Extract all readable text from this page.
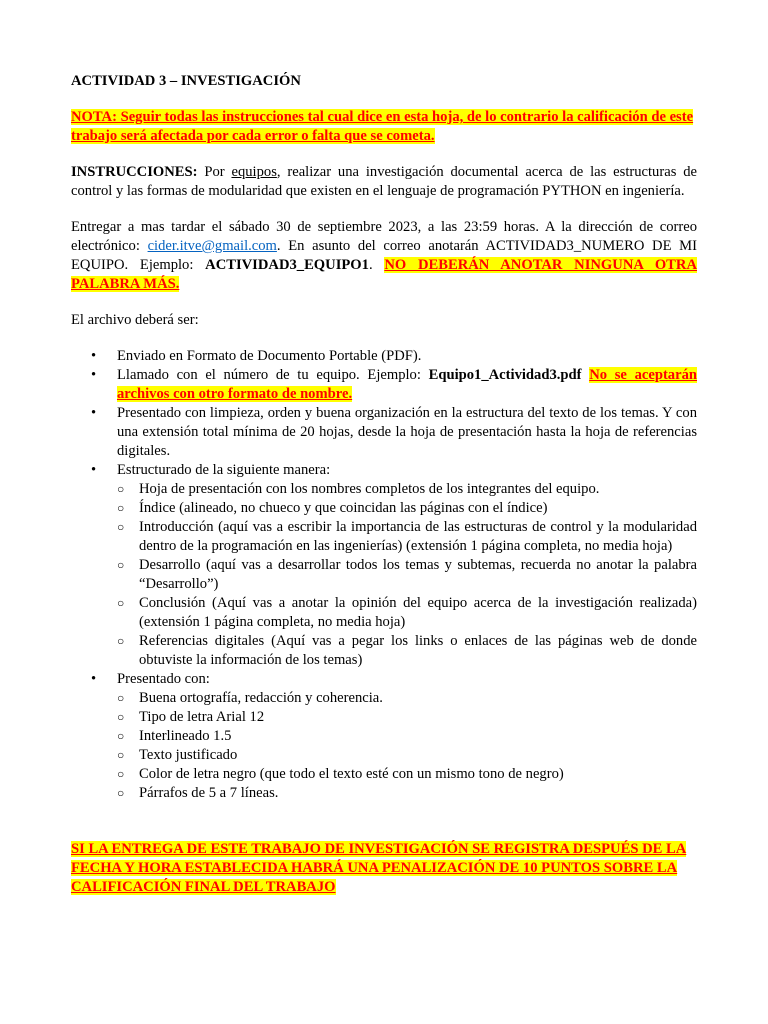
ACTIVIDAD 3 – INVESTIGACIÓN

NOTA: Seguir todas las instrucciones tal cual dice en esta hoja, de lo contrario la calificación de este trabajo será afectada por cada error o falta que se cometa.

INSTRUCCIONES: Por equipos, realizar una investigación documental acerca de las estructuras de control y las formas de modularidad que existen en el lenguaje de programación PYTHON en ingeniería.

Entregar a mas tardar el sábado 30 de septiembre 2023, a las 23:59 horas. A la dirección de correo electrónico: cider.itve@gmail.com. En asunto del correo anotarán ACTIVIDAD3_NUMERO DE MI EQUIPO. Ejemplo: ACTIVIDAD3_EQUIPO1. NO DEBERÁN ANOTAR NINGUNA OTRA PALABRA MÁS.

El archivo deberá ser:

• Enviado en Formato de Documento Portable (PDF).
• Llamado con el número de tu equipo. Ejemplo: Equipo1_Actividad3.pdf No se aceptarán archivos con otro formato de nombre.
• Presentado con limpieza, orden y buena organización en la estructura del texto de los temas. Y con una extensión total mínima de 20 hojas, desde la hoja de presentación hasta la hoja de referencias digitales.
• Estructurado de la siguiente manera:
○ Hoja de presentación con los nombres completos de los integrantes del equipo.
○ Índice (alineado, no chueco y que coincidan las páginas con el índice)
○ Introducción (aquí vas a escribir la importancia de las estructuras de control y la modularidad dentro de la programación en las ingenierías) (extensión 1 página completa, no media hoja)
○ Desarrollo (aquí vas a desarrollar todos los temas y subtemas, recuerda no anotar la palabra “Desarrollo”)
○ Conclusión (Aquí vas a anotar la opinión del equipo acerca de la investigación realizada) (extensión 1 página completa, no media hoja)
○ Referencias digitales (Aquí vas a pegar los links o enlaces de las páginas web de donde obtuviste la información de los temas)
• Presentado con:
○ Buena ortografía, redacción y coherencia.
○ Tipo de letra Arial 12
○ Interlineado 1.5
○ Texto justificado
○ Color de letra negro (que todo el texto esté con un mismo tono de negro)
○ Párrafos de 5 a 7 líneas.

SI LA ENTREGA DE ESTE TRABAJO DE INVESTIGACIÓN SE REGISTRA DESPUÉS DE LA FECHA Y HORA ESTABLECIDA HABRÁ UNA PENALIZACIÓN DE 10 PUNTOS SOBRE LA CALIFICACIÓN FINAL DEL TRABAJO
